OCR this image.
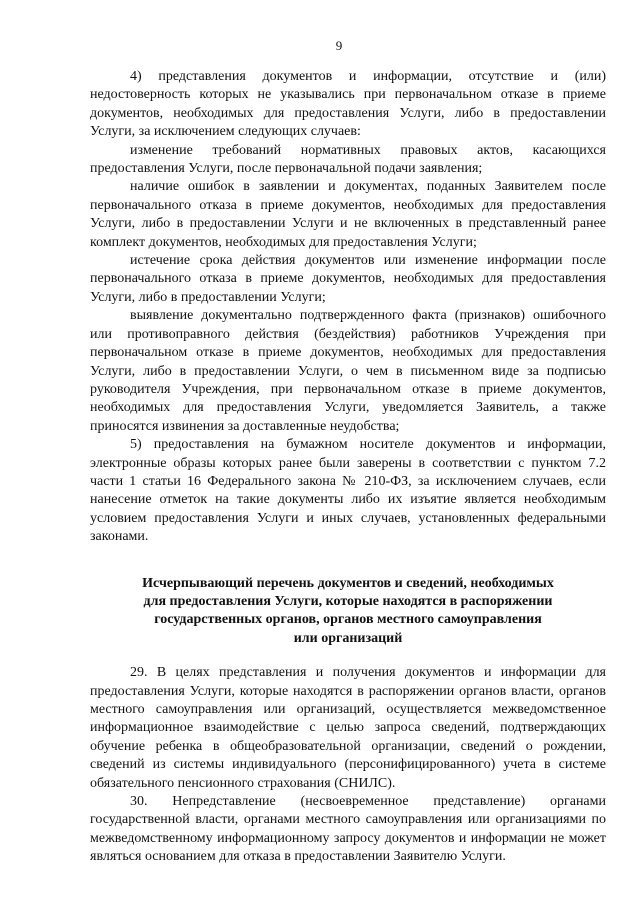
9

4) представления документов и информации, отсутствие и (или) недостоверность которых не указывались при первоначальном отказе в приеме документов, необходимых для предоставления Услуги, либо в предоставлении Услуги, за исключением следующих случаев:

изменение требований нормативных правовых актов, касающихся предоставления Услуги, после первоначальной подачи заявления;

наличие ошибок в заявлении и документах, поданных Заявителем после первоначального отказа в приеме документов, необходимых для предоставления Услуги, либо в предоставлении Услуги и не включенных в представленный ранее комплект документов, необходимых для предоставления Услуги;

истечение срока действия документов или изменение информации после первоначального отказа в приеме документов, необходимых для предоставления Услуги, либо в предоставлении Услуги;

выявление документально подтвержденного факта (признаков) ошибочного или противоправного действия (бездействия) работников Учреждения при первоначальном отказе в приеме документов, необходимых для предоставления Услуги, либо в предоставлении Услуги, о чем в письменном виде за подписью руководителя Учреждения, при первоначальном отказе в приеме документов, необходимых для предоставления Услуги, уведомляется Заявитель, а также приносятся извинения за доставленные неудобства;

5) предоставления на бумажном носителе документов и информации, электронные образы которых ранее были заверены в соответствии с пунктом 7.2 части 1 статьи 16 Федерального закона № 210-ФЗ, за исключением случаев, если нанесение отметок на такие документы либо их изъятие является необходимым условием предоставления Услуги и иных случаев, установленных федеральными законами.

Исчерпывающий перечень документов и сведений, необходимых
для предоставления Услуги, которые находятся в распоряжении
государственных органов, органов местного самоуправления
или организаций

29. В целях представления и получения документов и информации для предоставления Услуги, которые находятся в распоряжении органов власти, органов местного самоуправления или организаций, осуществляется межведомственное информационное взаимодействие с целью запроса сведений, подтверждающих обучение ребенка в общеобразовательной организации, сведений о рождении, сведений из системы индивидуального (персонифицированного) учета в системе обязательного пенсионного страхования (СНИЛС).

30. Непредставление (несвоевременное представление) органами государственной власти, органами местного самоуправления или организациями по межведомственному информационному запросу документов и информации не может являться основанием для отказа в предоставлении Заявителю Услуги.
